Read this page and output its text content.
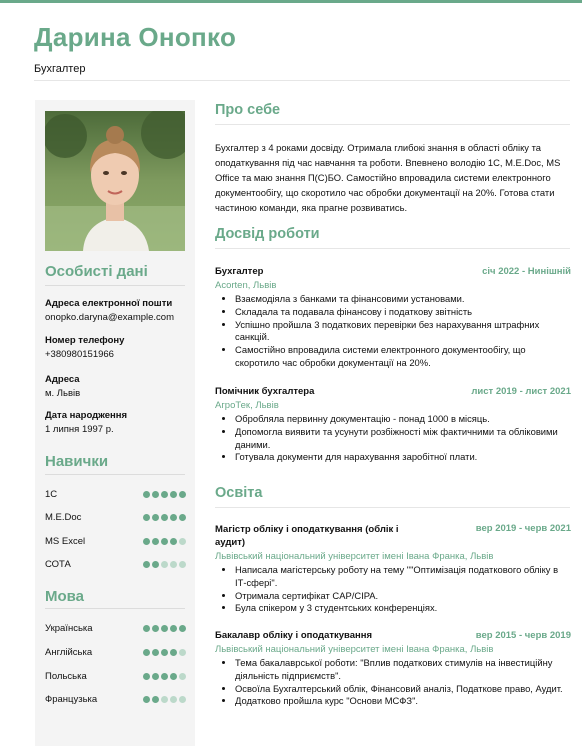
Дарина Онопко
Бухгалтер
Особисті дані
Адреса електронної пошти
onopko.daryna@example.com
Номер телефону
+380980151966
Адреса
м. Львів
Дата народження
1 липня 1997 р.
Навички
1С
M.E.Doc
MS Excel
СОТА
Мова
Українська
Англійська
Польська
Французька
Про себе
Бухгалтер з 4 роками досвіду. Отримала глибокі знання в області обліку та оподаткування під час навчання та роботи. Впевнено володію 1С, M.E.Doc, MS Office та маю знання П(С)БО. Самостійно впровадила системи електронного документообігу, що скоротило час обробки документації на 20%. Готова стати частиною команди, яка прагне розвиватись.
Досвід роботи
Бухгалтер	січ 2022 - Нинішній
Acorten, Львів
• Взаємодіяла з банками та фінансовими установами.
• Складала та подавала фінансову і податкову звітність
• Успішно пройшла 3 податкових перевірки без нарахування штрафних санкцій.
• Самостійно впровадила системи електронного документообігу, що скоротило час обробки документації на 20%.
Помічник бухгалтера	лист 2019 - лист 2021
АгроТек, Львів
• Обробляла первинну документацію - понад 1000 в місяць.
• Допомогла виявити та усунути розбіжності між фактичними та обліковими даними.
• Готувала документи для нарахування заробітної плати.
Освіта
Магістр обліку і оподаткування (облік і аудит)
вер 2019 - черв 2021
Львівський національний університет імені Івана Франка, Львів
• Написала магістерську роботу на тему ""Оптимізація податкового обліку в ІТ-сфері".
• Отримала сертифікат CAP/CIPA.
• Була спікером у 3 студентських конференціях.
Бакалавр обліку і оподаткування	вер 2015 - черв 2019
Львівський національний університет імені Івана Франка, Львів
• Тема бакалаврської роботи: "Вплив податкових стимулів на інвестиційну діяльність підприємств".
• Освоїла Бухгалтерський облік, Фінансовий аналіз, Податкове право, Аудит.
• Додатково пройшла курс "Основи МСФЗ".
